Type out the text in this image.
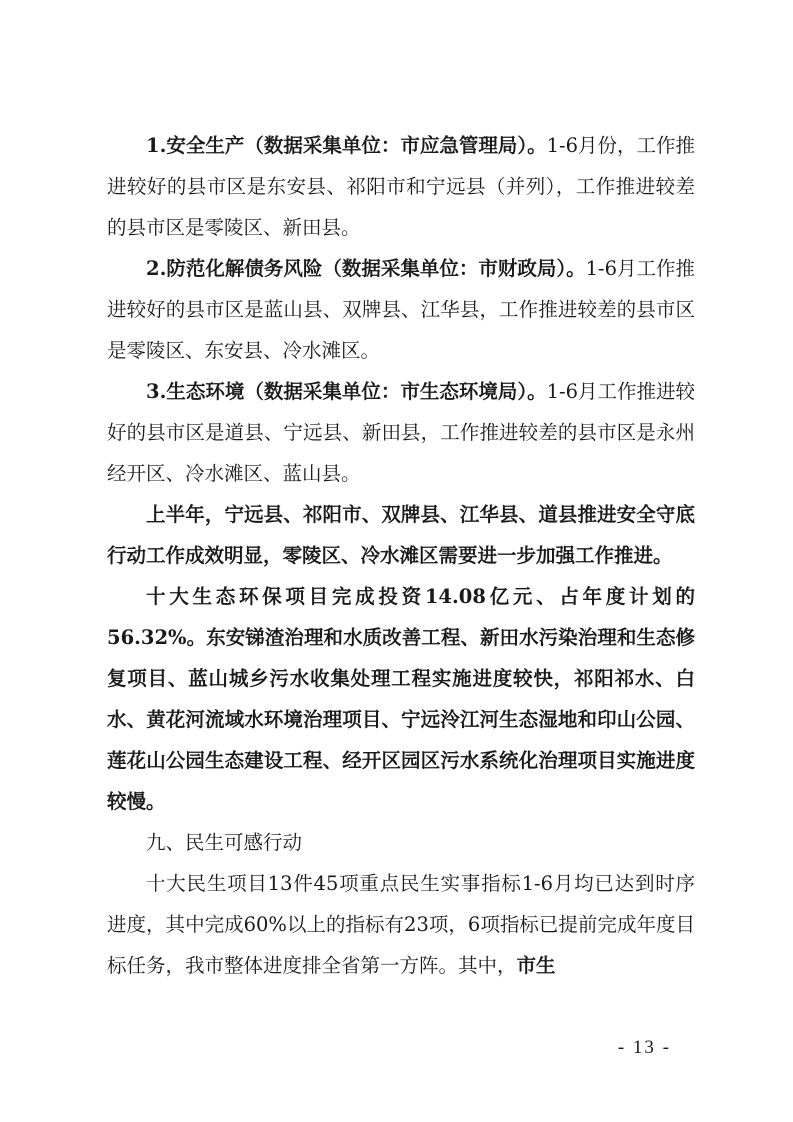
1.安全生产（数据采集单位：市应急管理局）。1-6月份，工作推进较好的县市区是东安县、祁阳市和宁远县（并列），工作推进较差的县市区是零陵区、新田县。

2.防范化解债务风险（数据采集单位：市财政局）。1-6月工作推进较好的县市区是蓝山县、双牌县、江华县，工作推进较差的县市区是零陵区、东安县、冷水滩区。

3.生态环境（数据采集单位：市生态环境局）。1-6月工作推进较好的县市区是道县、宁远县、新田县，工作推进较差的县市区是永州经开区、冷水滩区、蓝山县。

上半年，宁远县、祁阳市、双牌县、江华县、道县推进安全守底行动工作成效明显，零陵区、冷水滩区需要进一步加强工作推进。

十大生态环保项目完成投资14.08亿元、占年度计划的56.32%。东安锑渣治理和水质改善工程、新田水污染治理和生态修复项目、蓝山城乡污水收集处理工程实施进度较快，祁阳祁水、白水、黄花河流域水环境治理项目、宁远泠江河生态湿地和印山公园、莲花山公园生态建设工程、经开区园区污水系统化治理项目实施进度较慢。

九、民生可感行动

十大民生项目13件45项重点民生实事指标1-6月均已达到时序进度，其中完成60%以上的指标有23项，6项指标已提前完成年度目标任务，我市整体进度排全省第一方阵。其中，市生

- 13 -
